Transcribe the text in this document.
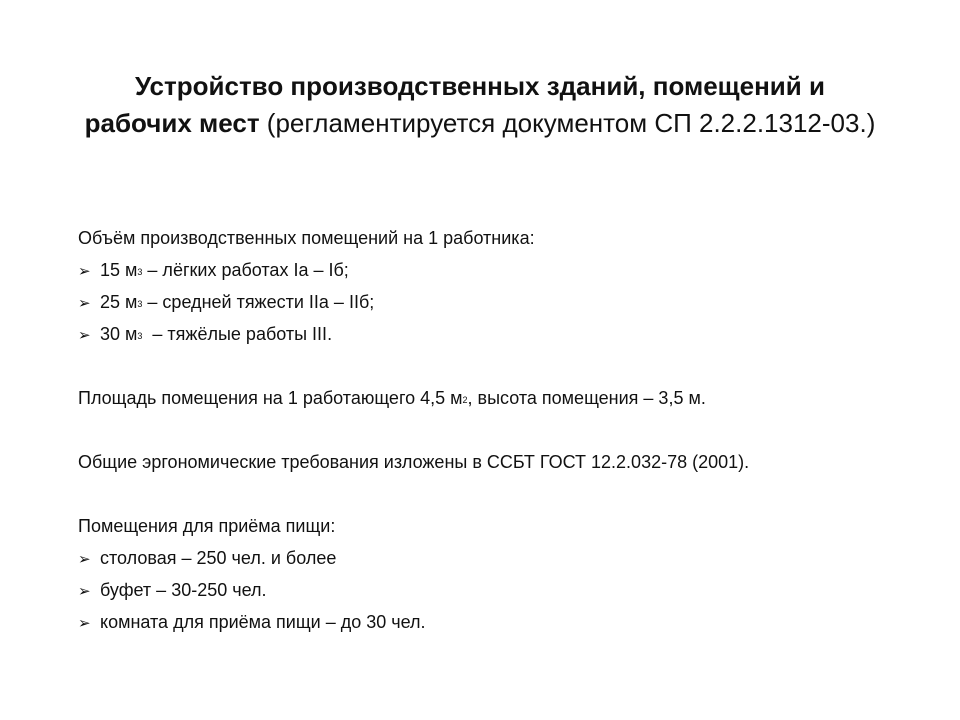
Устройство производственных зданий, помещений и рабочих мест (регламентируется документом СП 2.2.2.1312-03.)
Объём производственных помещений на 1 работника:
➢ 15 $м^3$ – лёгких работах Iа – Iб;
➢ 25 $м^3$ – средней тяжести IIа – IIб;
➢ 30 $м^3$  – тяжёлые работы III.
Площадь помещения на 1 работающего 4,5 $м^2$, высота помещения – 3,5 м.
Общие эргономические требования изложены в ССБТ ГОСТ 12.2.032-78 (2001).
Помещения для приёма пищи:
➢ столовая – 250 чел. и более
➢ буфет – 30-250 чел.
➢ комната для приёма пищи – до 30 чел.
